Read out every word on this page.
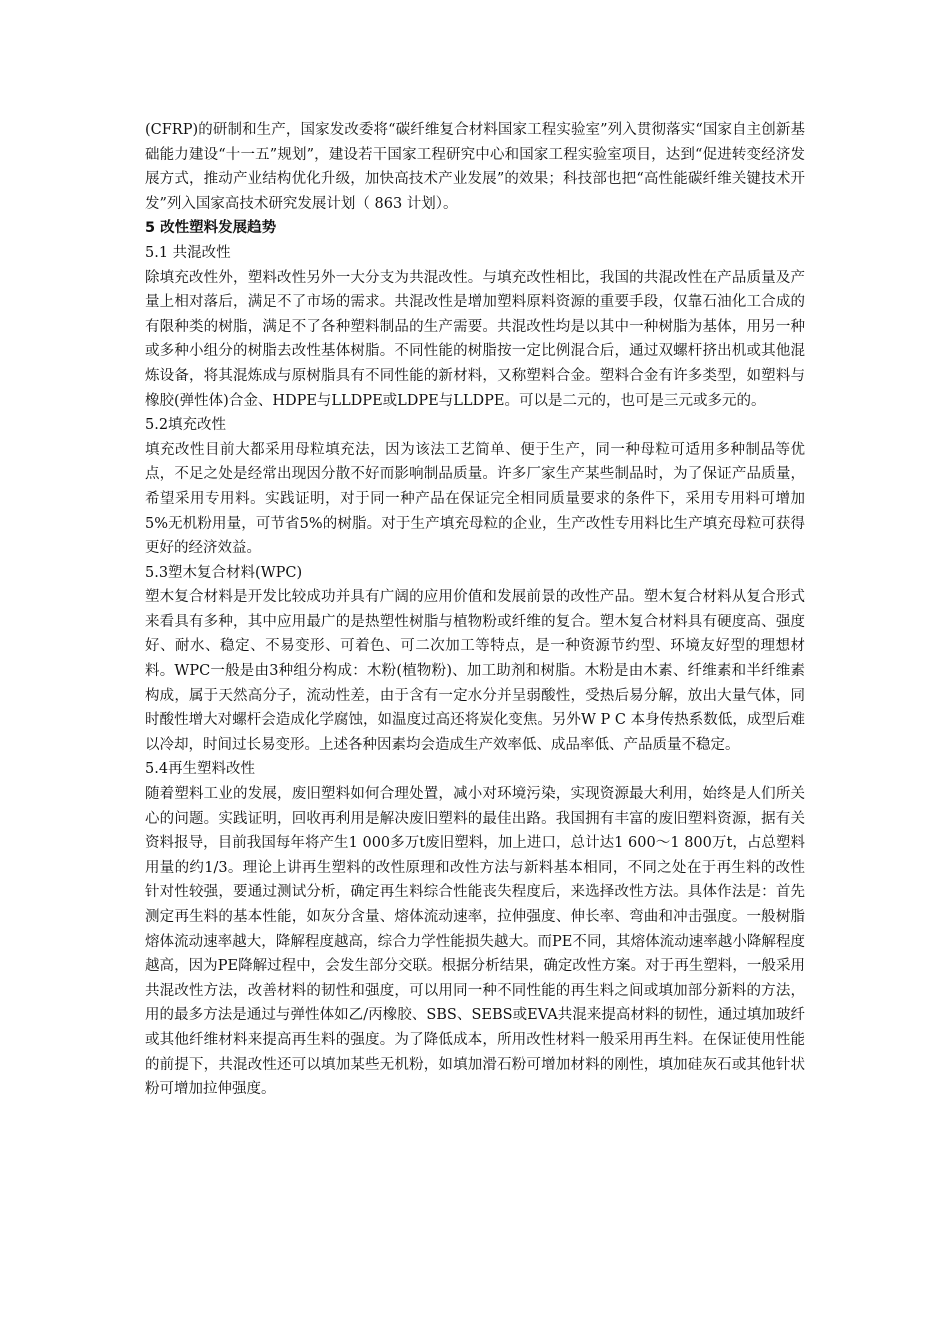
(CFRP)的研制和生产，国家发改委将“碳纤维复合材料国家工程实验室”列入贯彻落实“国家自主创新基础能力建设“十一五”规划”，建设若干国家工程研究中心和国家工程实验室项目，达到“促进转变经济发展方式，推动产业结构优化升级，加快高技术产业发展”的效果；科技部也把“高性能碳纤维关键技术开发”列入国家高技术研究发展计划（ 863 计划）。

5 改性塑料发展趋势

5.1 共混改性

除填充改性外，塑料改性另外一大分支为共混改性。与填充改性相比，我国的共混改性在产品质量及产量上相对落后，满足不了市场的需求。共混改性是增加塑料原料资源的重要手段，仅靠石油化工合成的有限种类的树脂，满足不了各种塑料制品的生产需要。共混改性均是以其中一种树脂为基体，用另一种或多种小组分的树脂去改性基体树脂。不同性能的树脂按一定比例混合后，通过双螺杆挤出机或其他混炼设备，将其混炼成与原树脂具有不同性能的新材料，又称塑料合金。塑料合金有许多类型，如塑料与橡胶(弹性体)合金、HDPE与LLDPE或LDPE与LLDPE。可以是二元的，也可是三元或多元的。

5.2填充改性

填充改性目前大都采用母粒填充法，因为该法工艺简单、便于生产，同一种母粒可适用多种制品等优点，不足之处是经常出现因分散不好而影响制品质量。许多厂家生产某些制品时，为了保证产品质量，希望采用专用料。实践证明，对于同一种产品在保证完全相同质量要求的条件下，采用专用料可增加5%无机粉用量，可节省5%的树脂。对于生产填充母粒的企业，生产改性专用料比生产填充母粒可获得更好的经济效益。

5.3塑木复合材料(WPC)

塑木复合材料是开发比较成功并具有广阔的应用价值和发展前景的改性产品。塑木复合材料从复合形式来看具有多种，其中应用最广的是热塑性树脂与植物粉或纤维的复合。塑木复合材料具有硬度高、强度好、耐水、稳定、不易变形、可着色、可二次加工等特点，是一种资源节约型、环境友好型的理想材料。WPC一般是由3种组分构成：木粉(植物粉)、加工助剂和树脂。木粉是由木素、纤维素和半纤维素构成，属于天然高分子，流动性差，由于含有一定水分并呈弱酸性，受热后易分解，放出大量气体，同时酸性增大对螺杆会造成化学腐蚀，如温度过高还将炭化变焦。另外W P C 本身传热系数低，成型后难以冷却，时间过长易变形。上述各种因素均会造成生产效率低、成品率低、产品质量不稳定。

5.4再生塑料改性

随着塑料工业的发展，废旧塑料如何合理处置，减小对环境污染，实现资源最大利用，始终是人们所关心的问题。实践证明，回收再利用是解决废旧塑料的最佳出路。我国拥有丰富的废旧塑料资源，据有关资料报导，目前我国每年将产生1 000多万t废旧塑料，加上进口，总计达1 600～1 800万t，占总塑料用量的约1/3。理论上讲再生塑料的改性原理和改性方法与新料基本相同，不同之处在于再生料的改性针对性较强，要通过测试分析，确定再生料综合性能丧失程度后，来选择改性方法。具体作法是：首先测定再生料的基本性能，如灰分含量、熔体流动速率，拉伸强度、伸长率、弯曲和冲击强度。一般树脂熔体流动速率越大，降解程度越高，综合力学性能损失越大。而PE不同，其熔体流动速率越小降解程度越高，因为PE降解过程中，会发生部分交联。根据分析结果，确定改性方案。对于再生塑料，一般采用共混改性方法，改善材料的韧性和强度，可以用同一种不同性能的再生料之间或填加部分新料的方法，用的最多方法是通过与弹性体如乙/丙橡胶、SBS、SEBS或EVA共混来提高材料的韧性，通过填加玻纤或其他纤维材料来提高再生料的强度。为了降低成本，所用改性材料一般采用再生料。在保证使用性能的前提下，共混改性还可以填加某些无机粉，如填加滑石粉可增加材料的刚性，填加硅灰石或其他针状粉可增加拉伸强度。
